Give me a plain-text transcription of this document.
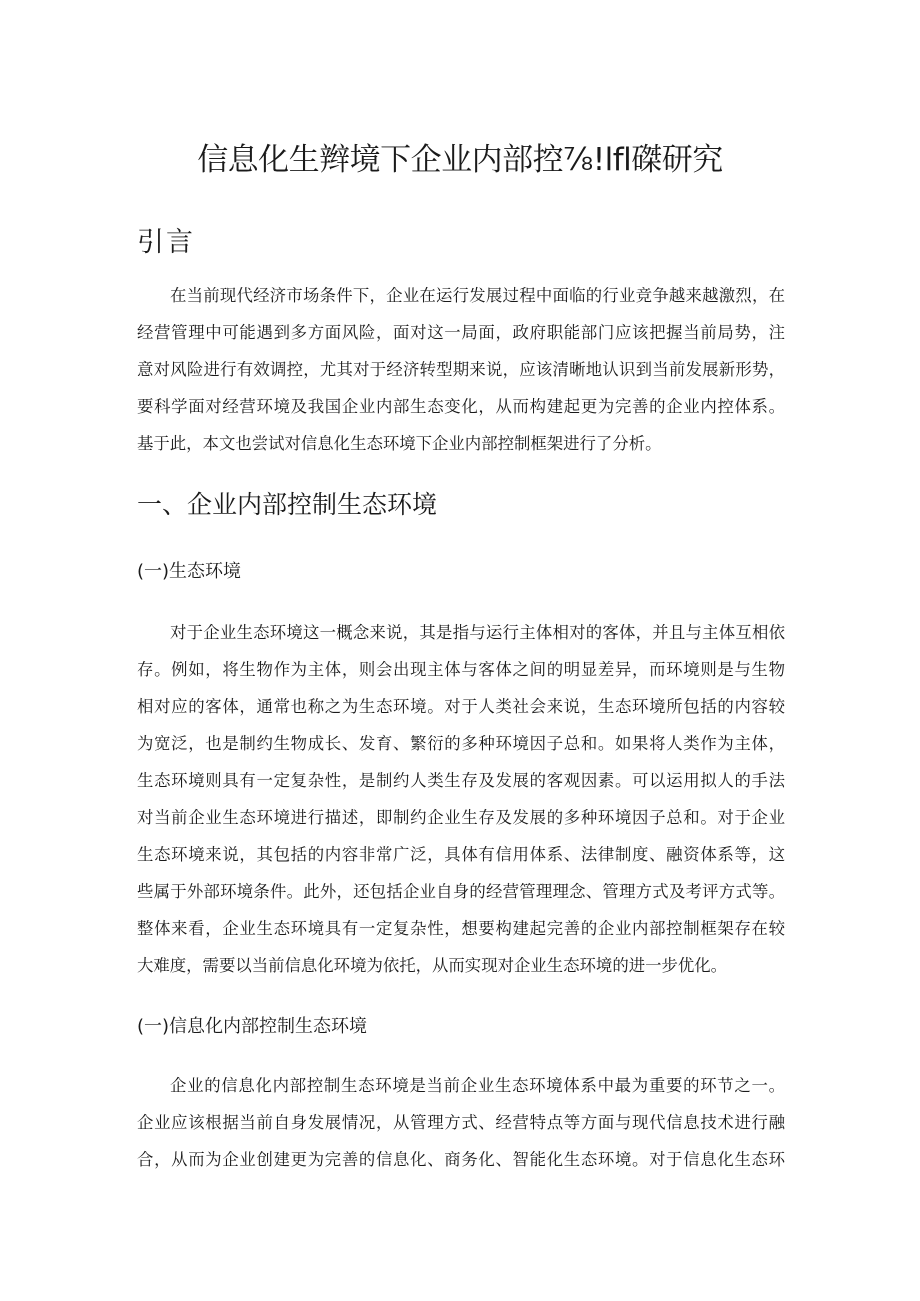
信息化生辫境下企业内部控⅞!lfl磔研究
引言
在当前现代经济市场条件下，企业在运行发展过程中面临的行业竞争越来越激烈，在
经营管理中可能遇到多方面风险，面对这一局面，政府职能部门应该把握当前局势，注
意对风险进行有效调控，尤其对于经济转型期来说，应该清晰地认识到当前发展新形势，
要科学面对经营环境及我国企业内部生态变化，从而构建起更为完善的企业内控体系。
基于此，本文也尝试对信息化生态环境下企业内部控制框架进行了分析。
一、企业内部控制生态环境
(一)生态环境
对于企业生态环境这一概念来说，其是指与运行主体相对的客体，并且与主体互相依
存。例如，将生物作为主体，则会出现主体与客体之间的明显差异，而环境则是与生物
相对应的客体，通常也称之为生态环境。对于人类社会来说，生态环境所包括的内容较
为宽泛，也是制约生物成长、发育、繁衍的多种环境因子总和。如果将人类作为主体，
生态环境则具有一定复杂性，是制约人类生存及发展的客观因素。可以运用拟人的手法
对当前企业生态环境进行描述，即制约企业生存及发展的多种环境因子总和。对于企业
生态环境来说，其包括的内容非常广泛，具体有信用体系、法律制度、融资体系等，这
些属于外部环境条件。此外，还包括企业自身的经营管理理念、管理方式及考评方式等。
整体来看，企业生态环境具有一定复杂性，想要构建起完善的企业内部控制框架存在较
大难度，需要以当前信息化环境为依托，从而实现对企业生态环境的进一步优化。
(一)信息化内部控制生态环境
企业的信息化内部控制生态环境是当前企业生态环境体系中最为重要的环节之一。
企业应该根据当前自身发展情况，从管理方式、经营特点等方面与现代信息技术进行融
合，从而为企业创建更为完善的信息化、商务化、智能化生态环境。对于信息化生态环
